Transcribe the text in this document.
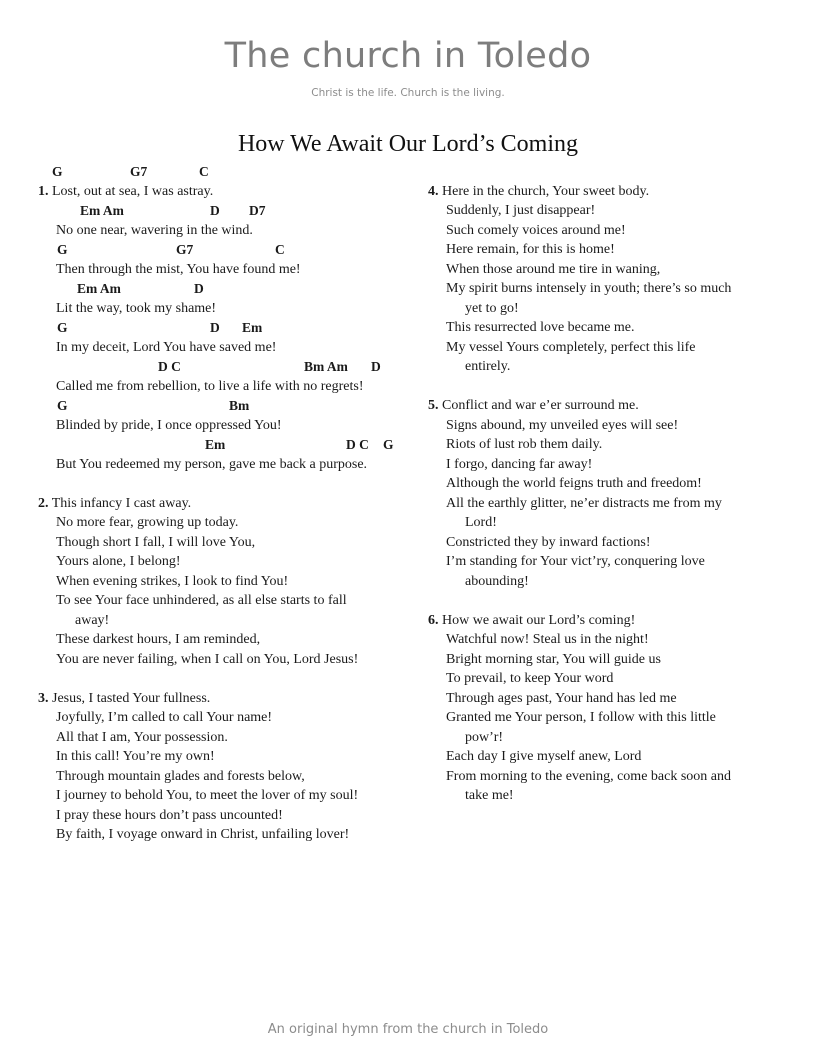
The church in Toledo
Christ is the life. Church is the living.
How We Await Our Lord’s Coming
G	G7	C
1. Lost, out at sea, I was astray.
Em Am	D D7
No one near, wavering in the wind.
G	G7	C
Then through the mist, You have found me!
Em Am	D
Lit the way, took my shame!
G	D Em
In my deceit, Lord You have saved me!
D C	Bm Am D
Called me from rebellion, to live a life with no regrets!
G	Bm
Blinded by pride, I once oppressed You!
Em	D C G
But You redeemed my person, gave me back a purpose.
2. This infancy I cast away.
No more fear, growing up today.
Though short I fall, I will love You,
Yours alone, I belong!
When evening strikes, I look to find You!
To see Your face unhindered, as all else starts to fall
away!
These darkest hours, I am reminded,
You are never failing, when I call on You, Lord Jesus!
3. Jesus, I tasted Your fullness.
Joyfully, I’m called to call Your name!
All that I am, Your possession.
In this call! You’re my own!
Through mountain glades and forests below,
I journey to behold You, to meet the lover of my soul!
I pray these hours don’t pass uncounted!
By faith, I voyage onward in Christ, unfailing lover!
4. Here in the church, Your sweet body.
Suddenly, I just disappear!
Such comely voices around me!
Here remain, for this is home!
When those around me tire in waning,
My spirit burns intensely in youth; there’s so much
yet to go!
This resurrected love became me.
My vessel Yours completely, perfect this life
entirely.
5. Conflict and war e’er surround me.
Signs abound, my unveiled eyes will see!
Riots of lust rob them daily.
I forgo, dancing far away!
Although the world feigns truth and freedom!
All the earthly glitter, ne’er distracts me from my
Lord!
Constricted they by inward factions!
I’m standing for Your vict’ry, conquering love
abounding!
6. How we await our Lord’s coming!
Watchful now! Steal us in the night!
Bright morning star, You will guide us
To prevail, to keep Your word
Through ages past, Your hand has led me
Granted me Your person, I follow with this little
pow’r!
Each day I give myself anew, Lord
From morning to the evening, come back soon and
take me!
An original hymn from the church in Toledo
